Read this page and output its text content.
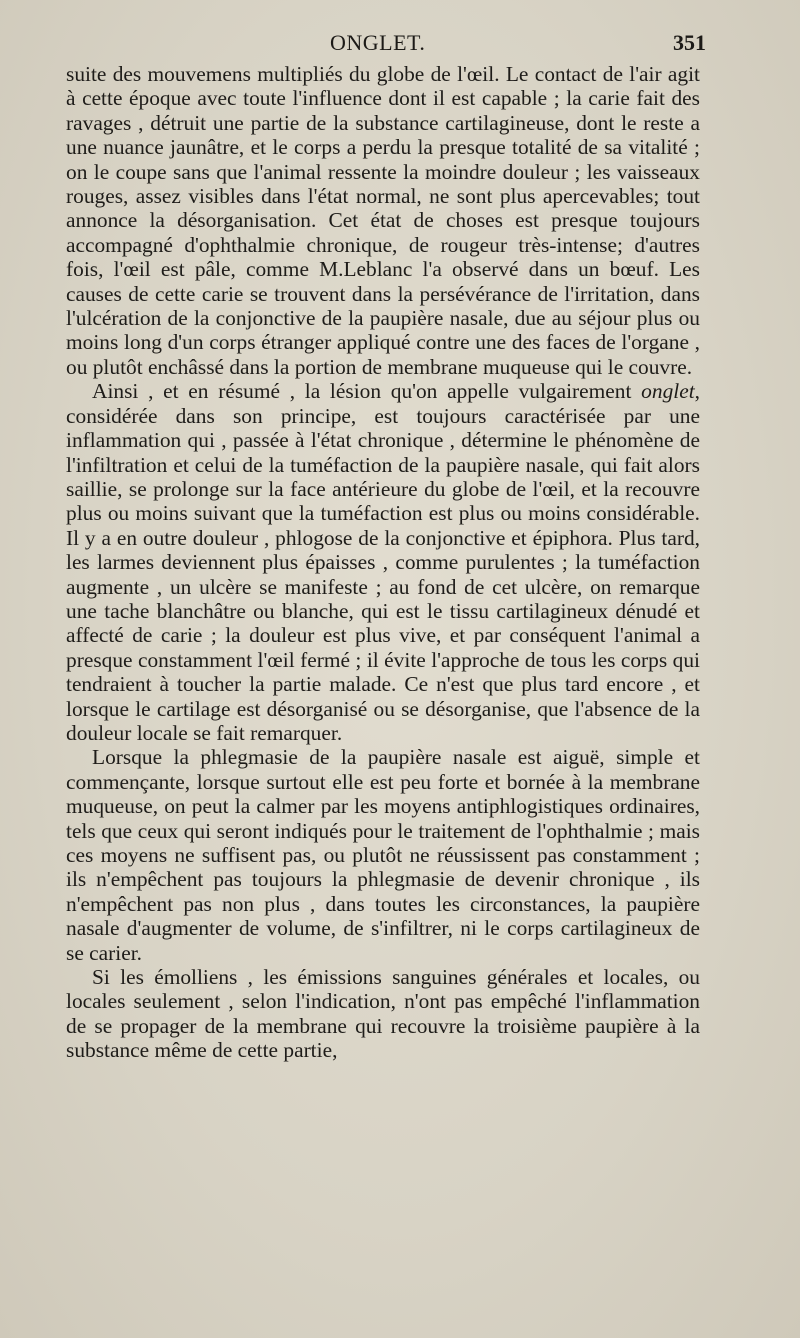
ONGLET.	351

suite des mouvemens multipliés du globe de l'œil. Le contact de l'air agit à cette époque avec toute l'influence dont il est capable ; la carie fait des ravages , détruit une partie de la substance cartilagineuse, dont le reste a une nuance jaunâtre, et le corps a perdu la presque totalité de sa vitalité ; on le coupe sans que l'animal ressente la moindre douleur ; les vaisseaux rouges, assez visibles dans l'état normal, ne sont plus apercevables; tout annonce la désorganisation. Cet état de choses est presque toujours accompagné d'ophthalmie chronique, de rougeur très-intense; d'autres fois, l'œil est pâle, comme M.Leblanc l'a observé dans un bœuf. Les causes de cette carie se trouvent dans la persévérance de l'irritation, dans l'ulcération de la conjonctive de la paupière nasale, due au séjour plus ou moins long d'un corps étranger appliqué contre une des faces de l'organe , ou plutôt enchâssé dans la portion de membrane muqueuse qui le couvre.

Ainsi , et en résumé , la lésion qu'on appelle vulgairement onglet, considérée dans son principe, est toujours caractérisée par une inflammation qui , passée à l'état chronique , détermine le phénomène de l'infiltration et celui de la tuméfaction de la paupière nasale, qui fait alors saillie, se prolonge sur la face antérieure du globe de l'œil, et la recouvre plus ou moins suivant que la tuméfaction est plus ou moins considérable. Il y a en outre douleur , phlogose de la conjonctive et épiphora. Plus tard, les larmes deviennent plus épaisses , comme purulentes ; la tuméfaction augmente , un ulcère se manifeste ; au fond de cet ulcère, on remarque une tache blanchâtre ou blanche, qui est le tissu cartilagineux dénudé et affecté de carie ; la douleur est plus vive, et par conséquent l'animal a presque constamment l'œil fermé ; il évite l'approche de tous les corps qui tendraient à toucher la partie malade. Ce n'est que plus tard encore , et lorsque le cartilage est désorganisé ou se désorganise, que l'absence de la douleur locale se fait remarquer.

Lorsque la phlegmasie de la paupière nasale est aiguë, simple et commençante, lorsque surtout elle est peu forte et bornée à la membrane muqueuse, on peut la calmer par les moyens antiphlogistiques ordinaires, tels que ceux qui seront indiqués pour le traitement de l'ophthalmie ; mais ces moyens ne suffisent pas, ou plutôt ne réussissent pas constamment ; ils n'empêchent pas toujours la phlegmasie de devenir chronique , ils n'empêchent pas non plus , dans toutes les circonstances, la paupière nasale d'augmenter de volume, de s'infiltrer, ni le corps cartilagineux de se carier.

Si les émolliens , les émissions sanguines générales et locales, ou locales seulement , selon l'indication, n'ont pas empêché l'inflammation de se propager de la membrane qui recouvre la troisième paupière à la substance même de cette partie,
